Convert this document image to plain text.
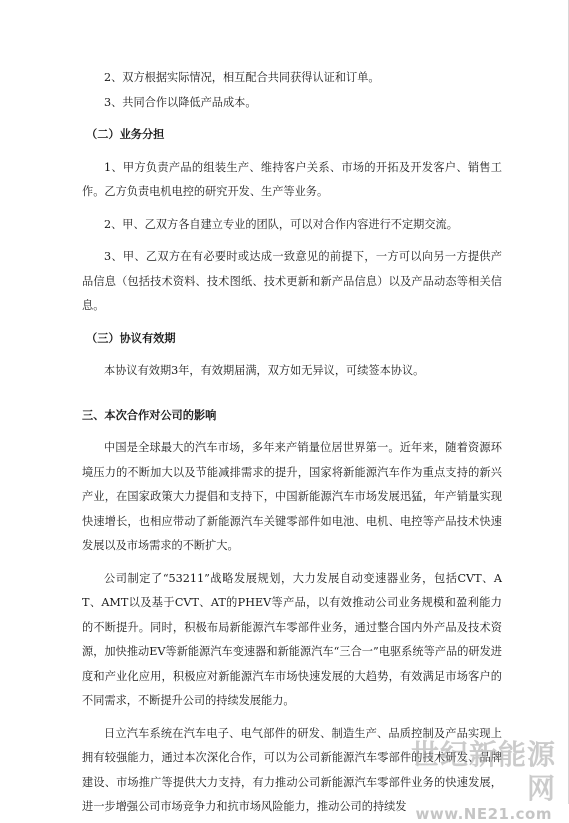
2、双方根据实际情况，相互配合共同获得认证和订单。

3、共同合作以降低产品成本。

（二）业务分担

1、甲方负责产品的组装生产、维持客户关系、市场的开拓及开发客户、销售工作。乙方负责电机电控的研究开发、生产等业务。

2、甲、乙双方各自建立专业的团队，可以对合作内容进行不定期交流。

3、甲、乙双方在有必要时或达成一致意见的前提下，一方可以向另一方提供产品信息（包括技术资料、技术图纸、技术更新和新产品信息）以及产品动态等相关信息。

（三）协议有效期

本协议有效期3年，有效期届满，双方如无异议，可续签本协议。

三、本次合作对公司的影响

中国是全球最大的汽车市场，多年来产销量位居世界第一。近年来，随着资源环境压力的不断加大以及节能减排需求的提升，国家将新能源汽车作为重点支持的新兴产业，在国家政策大力提倡和支持下，中国新能源汽车市场发展迅猛，年产销量实现快速增长，也相应带动了新能源汽车关键零部件如电池、电机、电控等产品技术快速发展以及市场需求的不断扩大。

公司制定了“53211”战略发展规划，大力发展自动变速器业务，包括CVT、AT、AMT以及基于CVT、AT的PHEV等产品，以有效推动公司业务规模和盈利能力的不断提升。同时，积极布局新能源汽车零部件业务，通过整合国内外产品及技术资源，加快推动EV等新能源汽车变速器和新能源汽车“三合一”电驱系统等产品的研发进度和产业化应用，积极应对新能源汽车市场快速发展的大趋势，有效满足市场客户的不同需求，不断提升公司的持续发展能力。

日立汽车系统在汽车电子、电气部件的研发、制造生产、品质控制及产品实现上拥有较强能力，通过本次深化合作，可以为公司新能源汽车零部件的技术研发、品牌建设、市场推广等提供大力支持，有力推动公司新能源汽车零部件业务的快速发展，进一步增强公司市场竞争力和抗市场风险能力，推动公司的持续发

世纪新能源网
www.NE21.com
